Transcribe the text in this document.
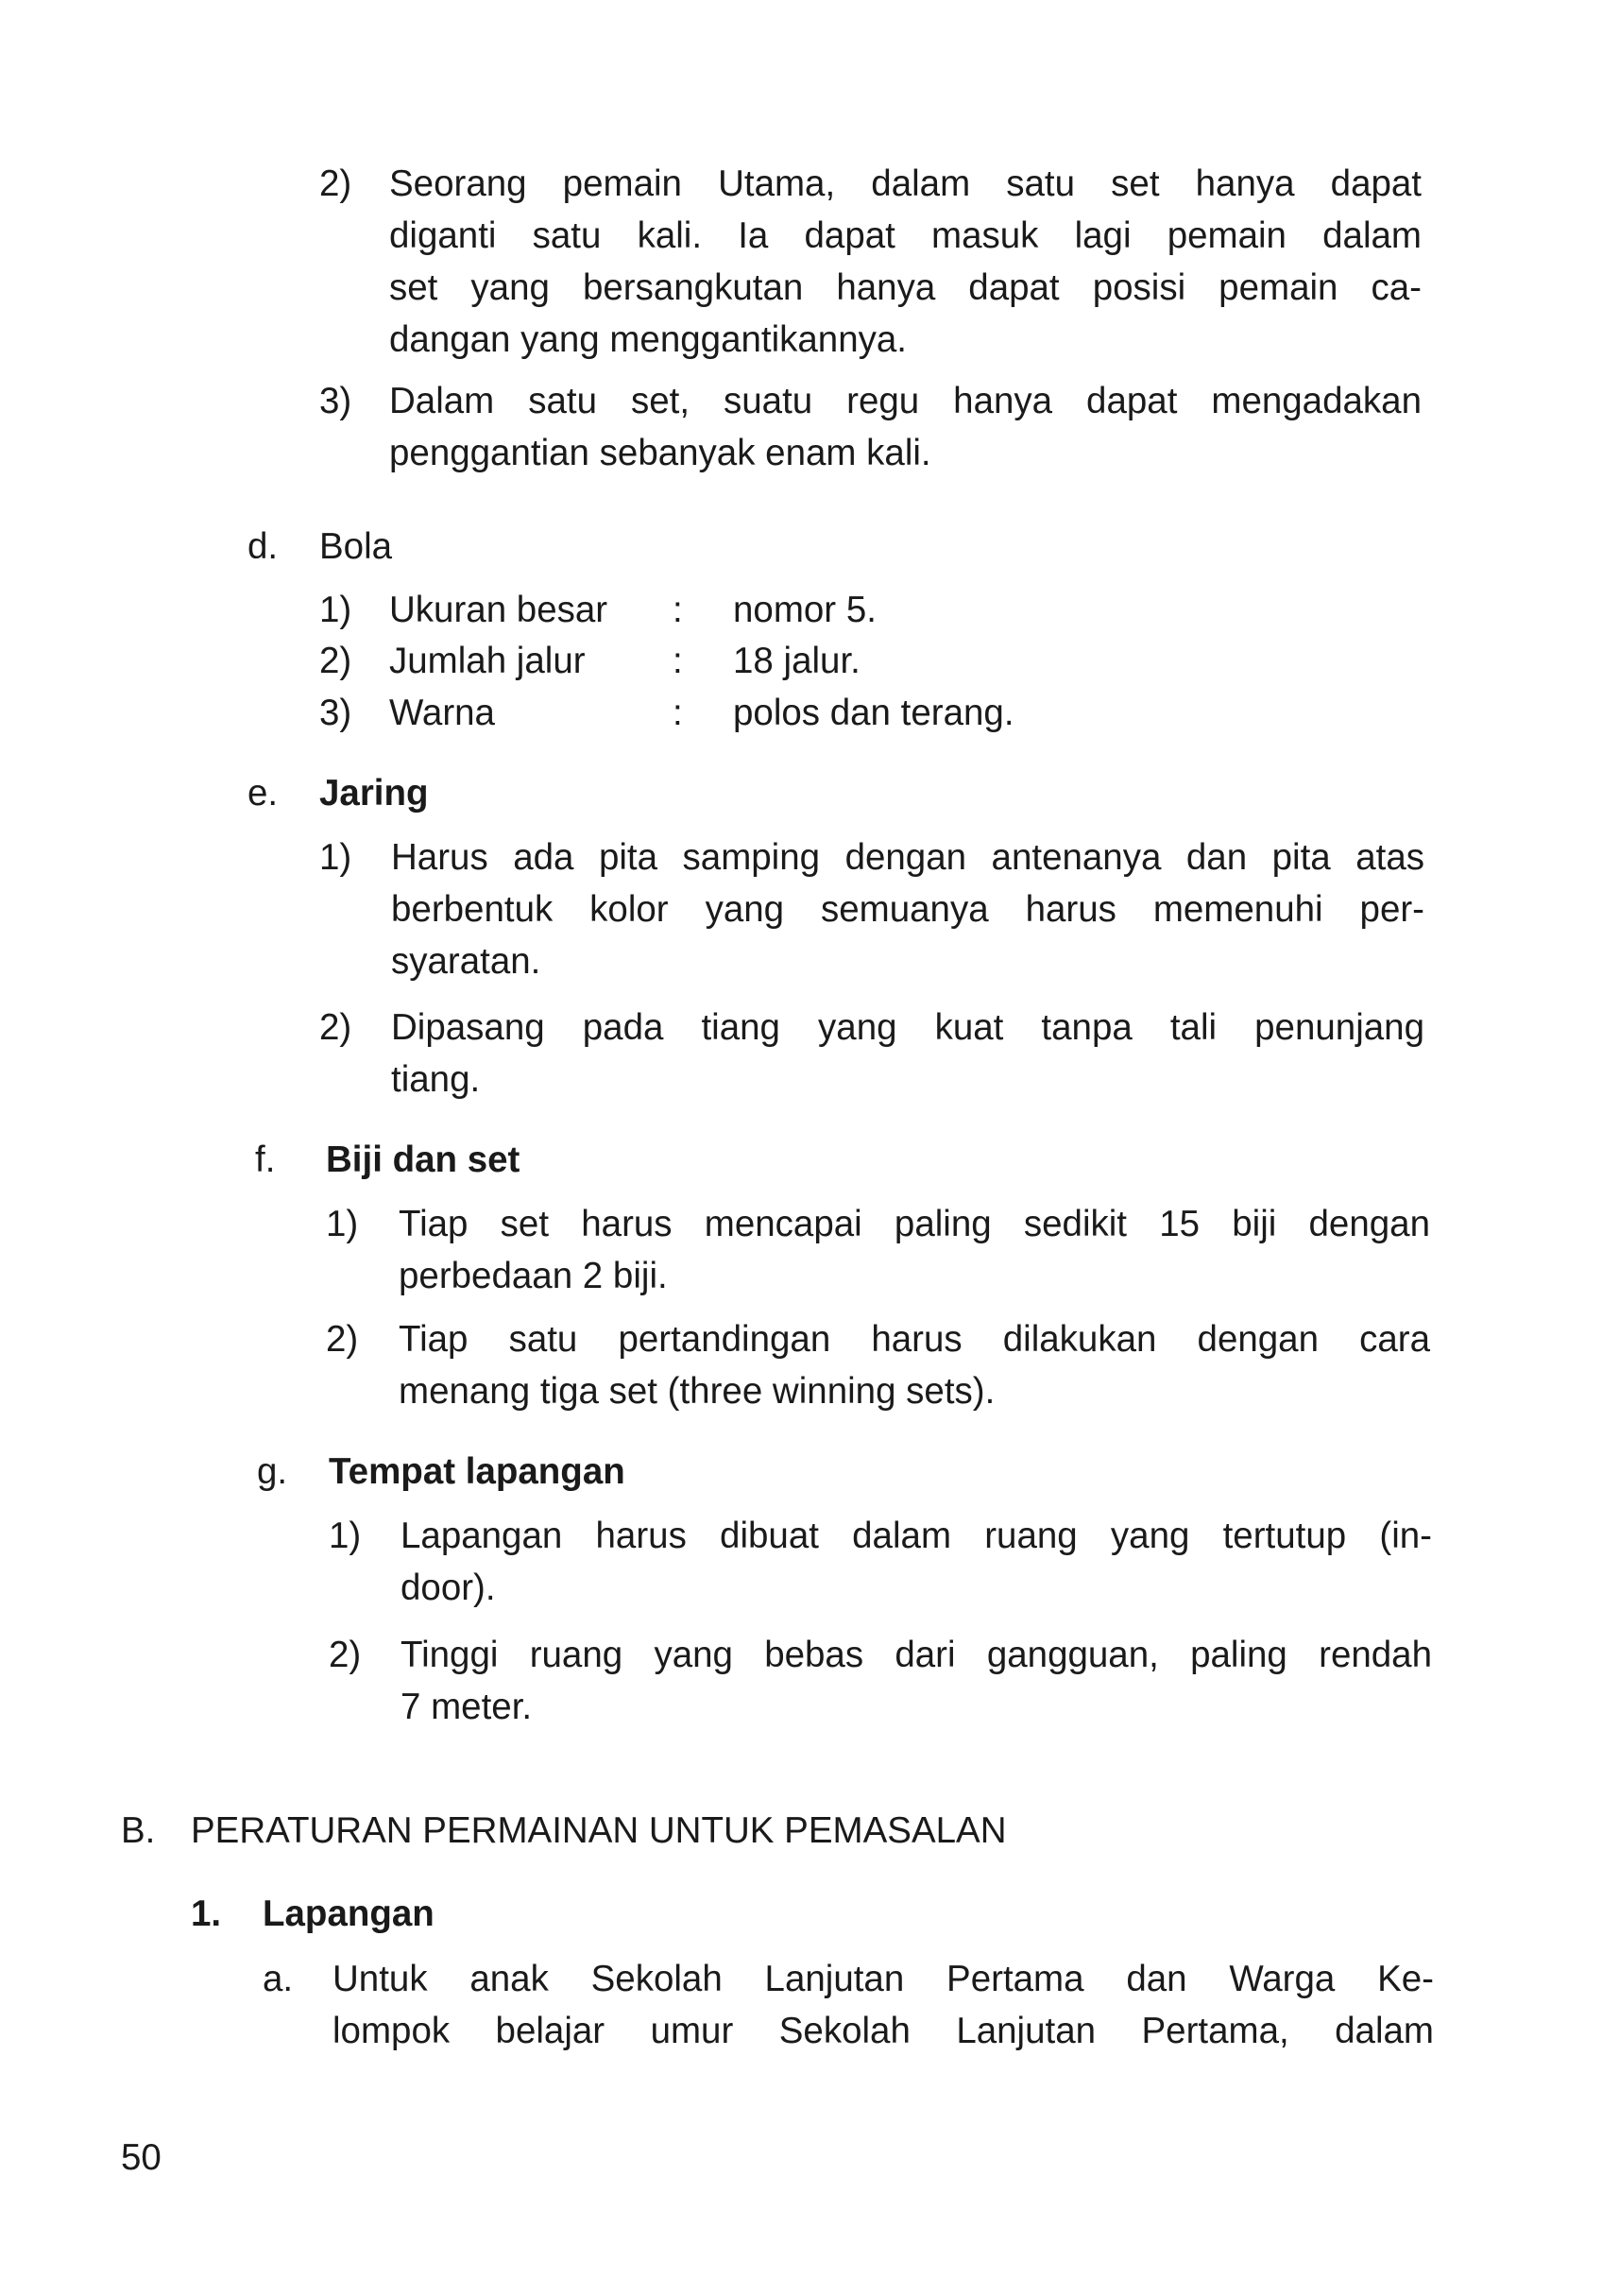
2) Seorang pemain Utama, dalam satu set hanya dapat
diganti satu kali. Ia dapat masuk lagi pemain dalam
set yang bersangkutan hanya dapat posisi pemain ca-
dangan yang menggantikannya.
3) Dalam satu set, suatu regu hanya dapat mengadakan
penggantian sebanyak enam kali.
d. Bola
1) Ukuran besar : nomor 5.
2) Jumlah jalur : 18 jalur.
3) Warna	: polos dan terang.
e. Jaring
1) Harus ada pita samping dengan antenanya dan pita atas
berbentuk kolor yang semuanya harus memenuhi per-
syaratan.
2) Dipasang pada tiang yang kuat tanpa tali penunjang
tiang.
f. Biji dan set
1) Tiap set harus mencapai paling sedikit 15 biji dengan
perbedaan 2 biji.
2) Tiap satu pertandingan harus dilakukan dengan cara
menang tiga set (three winning sets).
g. Tempat lapangan
1) Lapangan harus dibuat dalam ruang yang tertutup (in-
door).
2) Tinggi ruang yang bebas dari gangguan, paling rendah
7 meter.
B. PERATURAN PERMAINAN UNTUK PEMASALAN
1. Lapangan
a. Untuk anak Sekolah Lanjutan Pertama dan Warga Ke-
lompok belajar umur Sekolah Lanjutan Pertama, dalam
50
